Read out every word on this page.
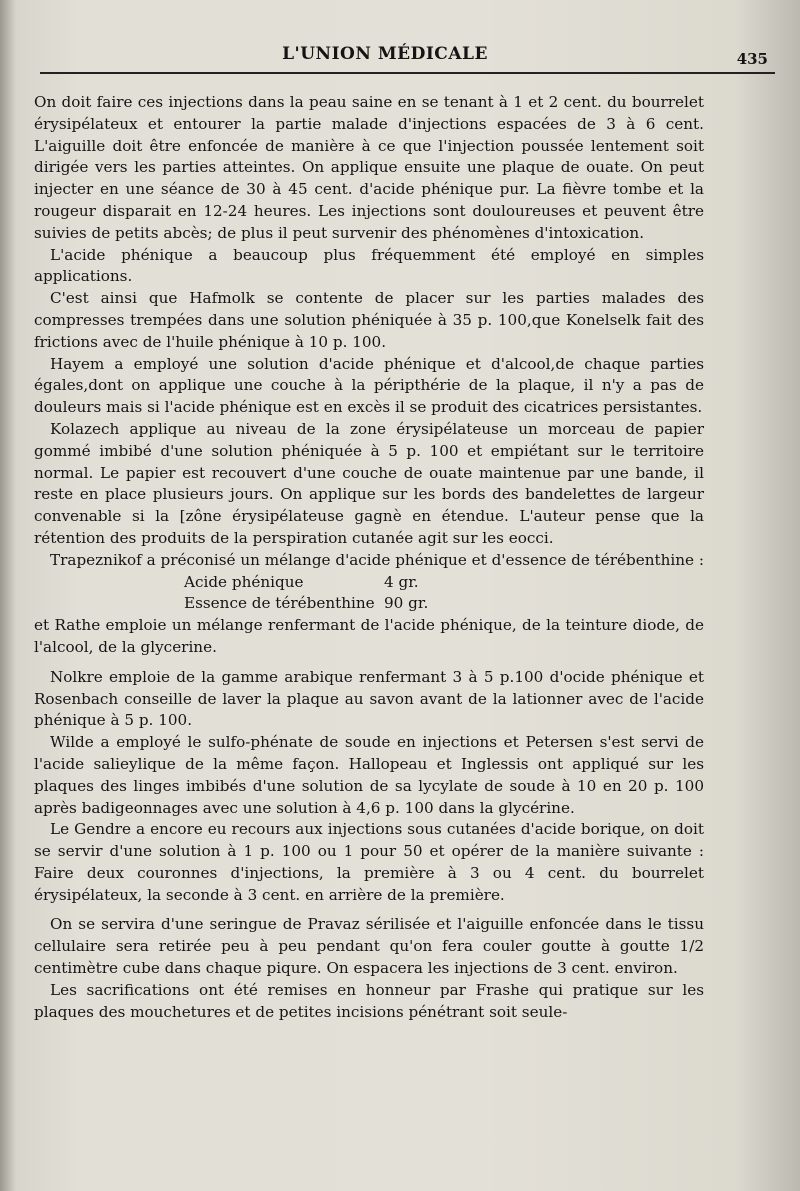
L'UNION MÉDICALE	435

On doit faire ces injections dans la peau saine en se tenant à 1 et 2 cent. du bourrelet érysipélateux et entourer la partie malade d'injections espacées de 3 à 6 cent. L'aiguille doit être enfoncée de manière à ce que l'injection poussée lentement soit dirigée vers les parties atteintes. On applique ensuite une plaque de ouate. On peut injecter en une séance de 30 à 45 cent. d'acide phénique pur. La fièvre tombe et la rougeur disparait en 12-24 heures. Les injections sont douloureuses et peuvent être suivies de petits abcès; de plus il peut survenir des phénomènes d'intoxication.

L'acide phénique a beaucoup plus fréquemment été employé en simples applications.

C'est ainsi que Hafmolk se contente de placer sur les parties malades des compresses trempées dans une solution phéniquée à 35 p. 100,que Konelselk fait des frictions avec de l'huile phénique à 10 p. 100.

Hayem a employé une solution d'acide phénique et d'alcool,de chaque parties égales,dont on applique une couche à la péripthérie de la plaque, il n'y a pas de douleurs mais si l'acide phénique est en excès il se produit des cicatrices persistantes.

Kolazech applique au niveau de la zone érysipélateuse un morceau de papier gommé imbibé d'une solution phéniquée à 5 p. 100 et empiétant sur le territoire normal. Le papier est recouvert d'une couche de ouate maintenue par une bande, il reste en place plusieurs jours. On applique sur les bords des bandelettes de largeur convenable si la [zône érysipélateuse gagnè en étendue. L'auteur pense que la rétention des produits de la perspiration cutanée agit sur les eocci.

Trapeznikof a préconisé un mélange d'acide phénique et d'essence de térébenthine :

Acide phénique	4 gr.
Essence de térébenthine 90 gr.

et Rathe emploie un mélange renfermant de l'acide phénique, de la teinture diode, de l'alcool, de la glycerine.

Nolkre emploie de la gamme arabique renfermant 3 à 5 p.100 d'ocide phénique et Rosenbach conseille de laver la plaque au savon avant de la lationner avec de l'acide phénique à 5 p. 100.

Wilde a employé le sulfo-phénate de soude en injections et Petersen s'est servi de l'acide salieylique de la même façon. Hallopeau et Inglessis ont appliqué sur les plaques des linges imbibés d'une solution de sa lycylate de soude à 10 en 20 p. 100 après badigeonnages avec une solution à 4,6 p. 100 dans la glycérine.

Le Gendre a encore eu recours aux injections sous cutanées d'acide borique, on doit se servir d'une solution à 1 p. 100 ou 1 pour 50 et opérer de la manière suivante : Faire deux couronnes d'injections, la première à 3 ou 4 cent. du bourrelet érysipélateux, la seconde à 3 cent. en arrière de la première.

On se servira d'une seringue de Pravaz sérilisée et l'aiguille enfoncée dans le tissu cellulaire sera retirée peu à peu pendant qu'on fera couler goutte à goutte 1/2 centimètre cube dans chaque piqure. On espacera les injections de 3 cent. environ.

Les sacrifications ont été remises en honneur par Frashe qui pratique sur les plaques des mouchetures et de petites incisions pénétrant soit seule-
